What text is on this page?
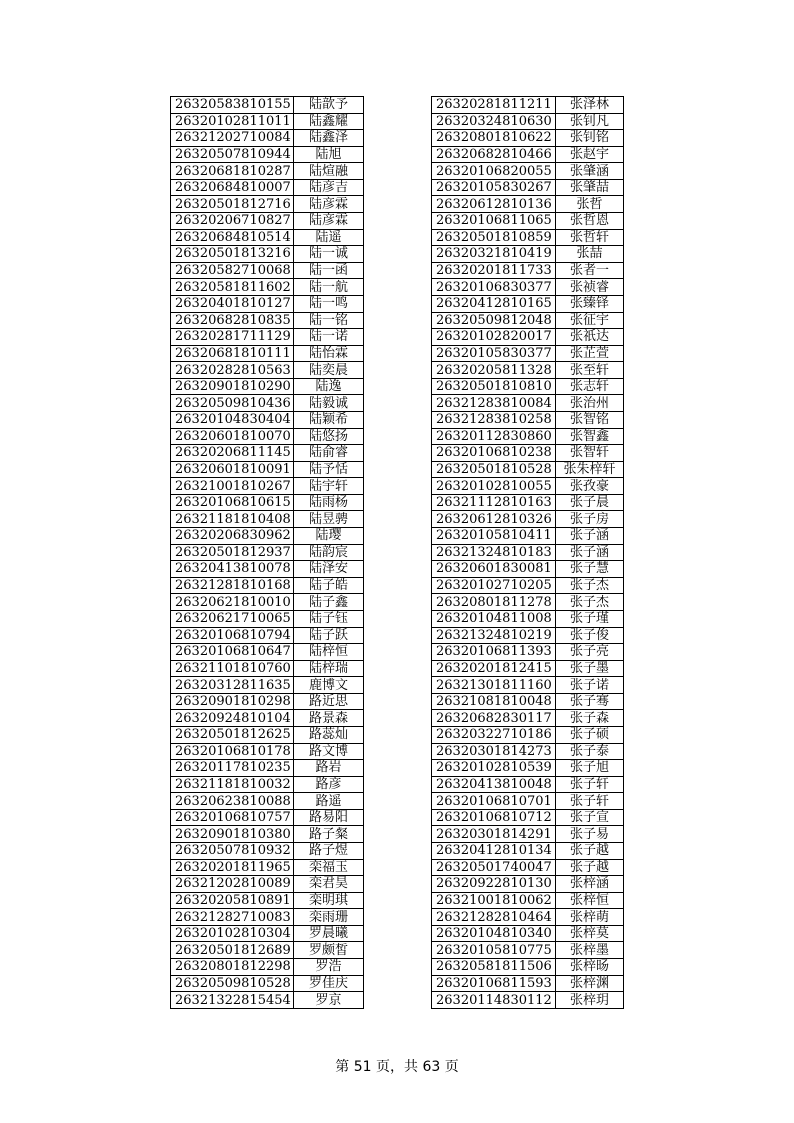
26320583810155	陆歆予
26320102811011	陆鑫耀
26321202710084	陆鑫泽
26320507810944	陆旭
26320681810287	陆煊融
26320684810007	陆彦吉
26320501812716	陆彦霖
26320206710827	陆彦霖
26320684810514	陆遥
26320501813216	陆一诚
26320582710068	陆一函
26320581811602	陆一航
26320401810127	陆一鸣
26320682810835	陆一铭
26320281711129	陆一诺
26320681810111	陆怡霖
26320282810563	陆奕晨
26320901810290	陆逸
26320509810436	陆毅诚
26320104830404	陆颖希
26320601810070	陆悠扬
26320206811145	陆俞睿
26320601810091	陆予恬
26321001810267	陆宇轩
26320106810615	陆雨杨
26321181810408	陆昱骋
26320206830962	陆璎
26320501812937	陆韵宸
26320413810078	陆泽安
26321281810168	陆子皓
26320621810010	陆子鑫
26320621710065	陆子钰
26320106810794	陆子跃
26320106810647	陆梓恒
26321101810760	陆梓瑞
26320312811635	鹿博文
26320901810298	路近思
26320924810104	路景森
26320501812625	路蕊灿
26320106810178	路文博
26320117810235	路岩
26321181810032	路彦
26320623810088	路遥
26320106810757	路易阳
26320901810380	路子粲
26320507810932	路子煜
26320201811965	栾福玉
26321202810089	栾君昊
26320205810891	栾明琪
26321282710083	栾雨珊
26320102810304	罗晨曦
26320501812689	罗颇皙
26320801812298	罗浩
26320509810528	罗佳庆
26321322815454	罗京
26320281811211	张泽林
26320324810630	张钊凡
26320801810622	张钊铭
26320682810466	张赵宇
26320106820055	张肇涵
26320105830267	张肇喆
26320612810136	张哲
26320106811065	张哲恩
26320501810859	张哲轩
26320321810419	张喆
26320201811733	张者一
26320106830377	张祯睿
26320412810165	张臻铎
26320509812048	张征宇
26320102820017	张祇达
26320105830377	张芷萱
26320205811328	张至轩
26320501810810	张志轩
26321283810084	张治州
26321283810258	张智铭
26320112830860	张智鑫
26320106810238	张智轩
26320501810528	张朱梓轩
26320102810055	张孜豪
26321112810163	张子晨
26320612810326	张子房
26320105810411	张子涵
26321324810183	张子涵
26320601830081	张子慧
26320102710205	张子杰
26320801811278	张子杰
26320104811008	张子瑾
26321324810219	张子俊
26320106811393	张子亮
26320201812415	张子墨
26321301811160	张子诺
26321081810048	张子骞
26320682830117	张子森
26320322710186	张子硕
26320301814273	张子泰
26320102810539	张子旭
26320413810048	张子轩
26320106810701	张子轩
26320106810712	张子宣
26320301814291	张子易
26320412810134	张子越
26320501740047	张子越
26320922810130	张梓涵
26321001810062	张梓恒
26321282810464	张梓萌
26320104810340	张梓莫
26320105810775	张梓墨
26320581811506	张梓旸
26320106811593	张梓渊
26320114830112	张梓玥
第 51 页，共 63 页
